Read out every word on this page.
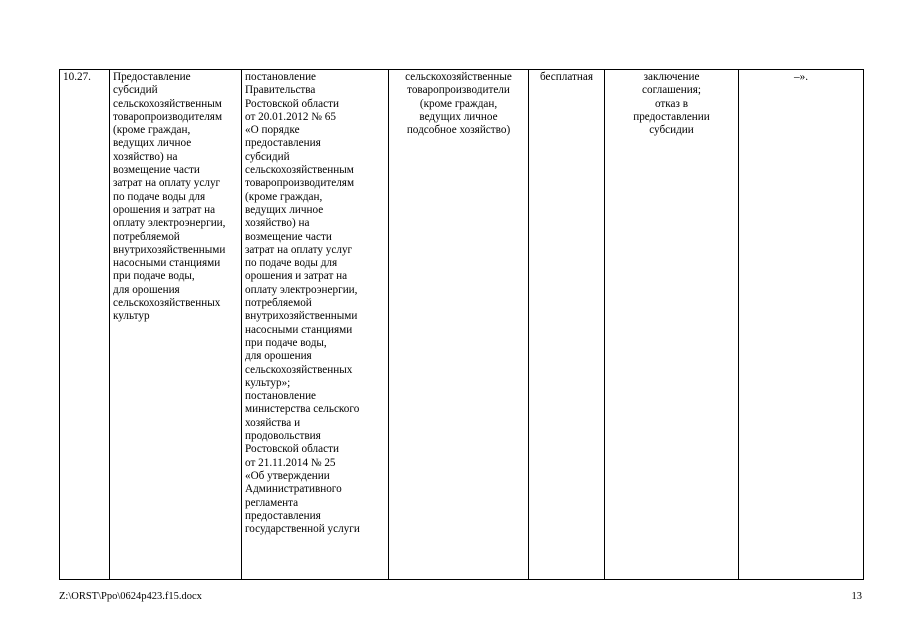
10.27.	Предоставление
субсидий
сельскохозяйственным
товаропроизводителям
(кроме граждан,
ведущих личное
хозяйство) на
возмещение части
затрат на оплату услуг
по подаче воды для
орошения и затрат на
оплату электроэнергии,
потребляемой
внутрихозяйственными
насосными станциями
при подаче воды,
для орошения
сельскохозяйственных
культур	постановление
Правительства
Ростовской области
от 20.01.2012 № 65
«О порядке
предоставления
субсидий
сельскохозяйственным
товаропроизводителям
(кроме граждан,
ведущих личное
хозяйство) на
возмещение части
затрат на оплату услуг
по подаче воды для
орошения и затрат на
оплату электроэнергии,
потребляемой
внутрихозяйственными
насосными станциями
при подаче воды,
для орошения
сельскохозяйственных
культур»;
постановление
министерства сельского
хозяйства и
продовольствия
Ростовской области
от 21.11.2014 № 25
«Об утверждении
Административного
регламента
предоставления
государственной услуги	сельскохозяйственные
товаропроизводители
(кроме граждан,
ведущих личное
подсобное хозяйство)	бесплатная	заключение
соглашения;
отказ в
предоставлении
субсидии	–».
Z:\ORST\Ppo\0624p423.f15.docx	13
